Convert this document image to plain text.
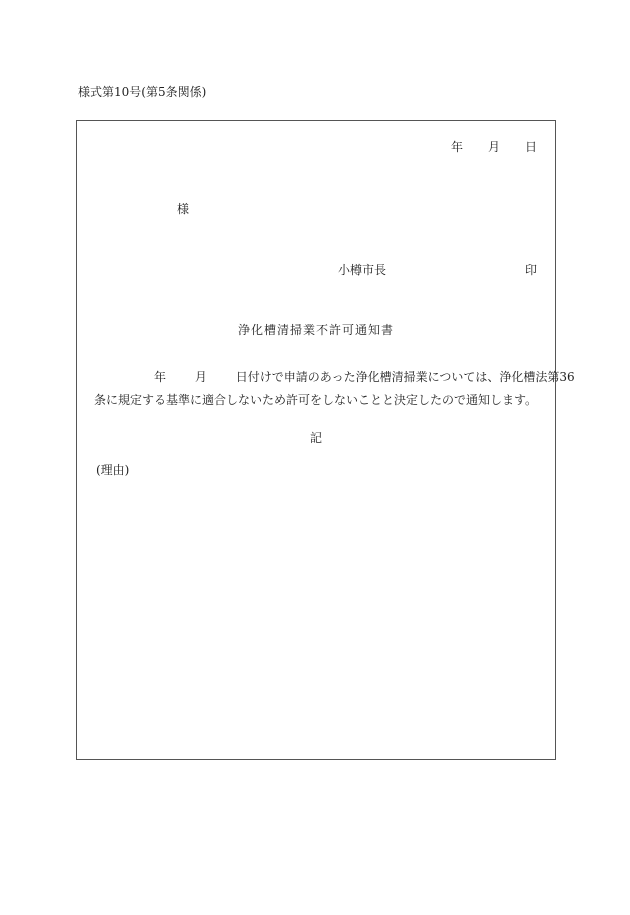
様式第10号(第5条関係)
年 月 日
様
小樽市長	印
浄化槽清掃業不許可通知書
年 月 日付けで申請のあった浄化槽清掃業については、浄化槽法第36
条に規定する基準に適合しないため許可をしないことと決定したので通知します。
記
(理由)
